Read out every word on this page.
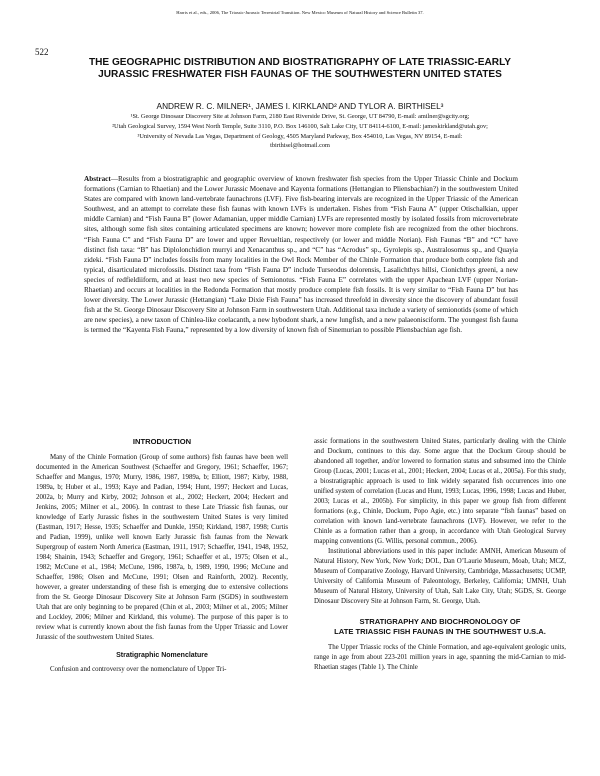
Harris et al., eds., 2006, The Triassic-Jurassic Terrestrial Transition. New Mexico Museum of Natural History and Science Bulletin 37.
522
THE GEOGRAPHIC DISTRIBUTION AND BIOSTRATIGRAPHY OF LATE TRIASSIC-EARLY
JURASSIC FRESHWATER FISH FAUNAS OF THE SOUTHWESTERN UNITED STATES
ANDREW R. C. MILNER¹, JAMES I. KIRKLAND² AND TYLOR A. BIRTHISEL³
¹St. George Dinosaur Discovery Site at Johnson Farm, 2180 East Riverside Drive, St. George, UT 84790, E-mail: amilner@sgcity.org;
²Utah Geological Survey, 1594 West North Temple, Suite 3110, P.O. Box 146100, Salt Lake City, UT 84114-6100, E-mail: jameskirkland@utah.gov;
³University of Nevada Las Vegas, Department of Geology, 4505 Maryland Parkway, Box 454010, Las Vegas, NV 89154, E-mail:
tbirthisel@hotmail.com

Abstract—Results from a biostratigraphic and geographic overview of known freshwater fish species from the Upper Triassic Chinle and Dockum formations (Carnian to Rhaetian) and the Lower Jurassic Moenave and Kayenta formations (Hettangian to Pliensbachian?) in the southwestern United States are compared with known land-vertebrate faunachrons (LVF). Five fish-bearing intervals are recognized in the Upper Triassic of the American Southwest, and an attempt to correlate these fish faunas with known LVFs is undertaken. Fishes from “Fish Fauna A” (upper Otischalkian, upper middle Carnian) and “Fish Fauna B” (lower Adamanian, upper middle Carnian) LVFs are represented mostly by isolated fossils from microvertebrate sites, although some fish sites containing articulated specimens are known; however more complete fish are recognized from the other biochrons. “Fish Fauna C” and “Fish Fauna D” are lower and upper Revueltian, respectively (or lower and middle Norian). Fish Faunas “B” and “C” have distinct fish taxa: “B” has Diplolonchidion murryi and Xenacanthus sp., and “C” has “Acrodus” sp., Gyrolepis sp., Australosomus sp., and Quayia zideki. “Fish Fauna D” includes fossils from many localities in the Owl Rock Member of the Chinle Formation that produce both complete fish and typical, disarticulated microfossils. Distinct taxa from “Fish Fauna D” include Turseodus dolorensis, Lasalichthys hillsi, Cionichthys greeni, a new species of redfieldiiform, and at least two new species of Semionotus. “Fish Fauna E” correlates with the upper Apachean LVF (upper Norian-Rhaetian) and occurs at localities in the Redonda Formation that mostly produce complete fish fossils. It is very similar to “Fish Fauna D” but has lower diversity. The Lower Jurassic (Hettangian) “Lake Dixie Fish Fauna” has increased threefold in diversity since the discovery of abundant fossil fish at the St. George Dinosaur Discovery Site at Johnson Farm in southwestern Utah. Additional taxa include a variety of semionotids (some of which are new species), a new taxon of Chinlea-like coelacanth, a new hybodont shark, a new lungfish, and a new palaeonisciform. The youngest fish fauna is termed the “Kayenta Fish Fauna,” represented by a low diversity of known fish of Sinemurian to possible Pliensbachian age fish.

INTRODUCTION

Many of the Chinle Formation (Group of some authors) fish faunas have been well documented in the American Southwest (Schaeffer and Gregory, 1961; Schaeffer, 1967; Schaeffer and Mangus, 1970; Murry, 1986, 1987, 1989a, b; Elliott, 1987; Kirby, 1988, 1989a, b; Huber et al., 1993; Kaye and Padian, 1994; Hunt, 1997; Heckert and Lucas, 2002a, b; Murry and Kirby, 2002; Johnson et al., 2002; Heckert, 2004; Heckert and Jenkins, 2005; Milner et al., 2006). In contrast to these Late Triassic fish faunas, our knowledge of Early Jurassic fishes in the southwestern United States is very limited (Eastman, 1917; Hesse, 1935; Schaeffer and Dunkle, 1950; Kirkland, 1987, 1998; Curtis and Padian, 1999), unlike well known Early Jurassic fish faunas from the Newark Supergroup of eastern North America (Eastman, 1911, 1917; Schaeffer, 1941, 1948, 1952, 1984; Shainin, 1943; Schaeffer and Gregory, 1961; Schaeffer et al., 1975; Olsen et al., 1982; McCune et al., 1984; McCune, 1986, 1987a, b, 1989, 1990, 1996; McCune and Schaeffer, 1986; Olsen and McCune, 1991; Olsen and Rainforth, 2002). Recently, however, a greater understanding of these fish is emerging due to extensive collections from the St. George Dinosaur Discovery Site at Johnson Farm (SGDS) in southwestern Utah that are only beginning to be prepared (Chin et al., 2003; Milner et al., 2005; Milner and Lockley, 2006; Milner and Kirkland, this volume). The purpose of this paper is to review what is currently known about the fish faunas from the Upper Triassic and Lower Jurassic of the southwestern United States.

Stratigraphic Nomenclature

Confusion and controversy over the nomenclature of Upper Tri-

assic formations in the southwestern United States, particularly dealing with the Chinle and Dockum, continues to this day. Some argue that the Dockum Group should be abandoned all together, and/or lowered to formation status and subsumed into the Chinle Group (Lucas, 2001; Lucas et al., 2001; Heckert, 2004; Lucas et al., 2005a). For this study, a biostratigraphic approach is used to link widely separated fish occurrences into one unified system of correlation (Lucas and Hunt, 1993; Lucas, 1996, 1998; Lucas and Huber, 2003; Lucas et al., 2005b). For simplicity, in this paper we group fish from different formations (e.g., Chinle, Dockum, Popo Agie, etc.) into separate “fish faunas” based on correlation with known land-vertebrate faunachrons (LVF). However, we refer to the Chinle as a formation rather than a group, in accordance with Utah Geological Survey mapping conventions (G. Willis, personal commun., 2006).

Institutional abbreviations used in this paper include: AMNH, American Museum of Natural History, New York, New York; DOL, Dan O’Laurie Museum, Moab, Utah; MCZ, Museum of Comparative Zoology, Harvard University, Cambridge, Massachusetts; UCMP, University of California Museum of Paleontology, Berkeley, California; UMNH, Utah Museum of Natural History, University of Utah, Salt Lake City, Utah; SGDS, St. George Dinosaur Discovery Site at Johnson Farm, St. George, Utah.

STRATIGRAPHY AND BIOCHRONOLOGY OF
LATE TRIASSIC FISH FAUNAS IN THE SOUTHWEST U.S.A.

The Upper Triassic rocks of the Chinle Formation, and age-equivalent geologic units, range in age from about 223-201 million years in age, spanning the mid-Carnian to mid-Rhaetian stages (Table 1). The Chinle
